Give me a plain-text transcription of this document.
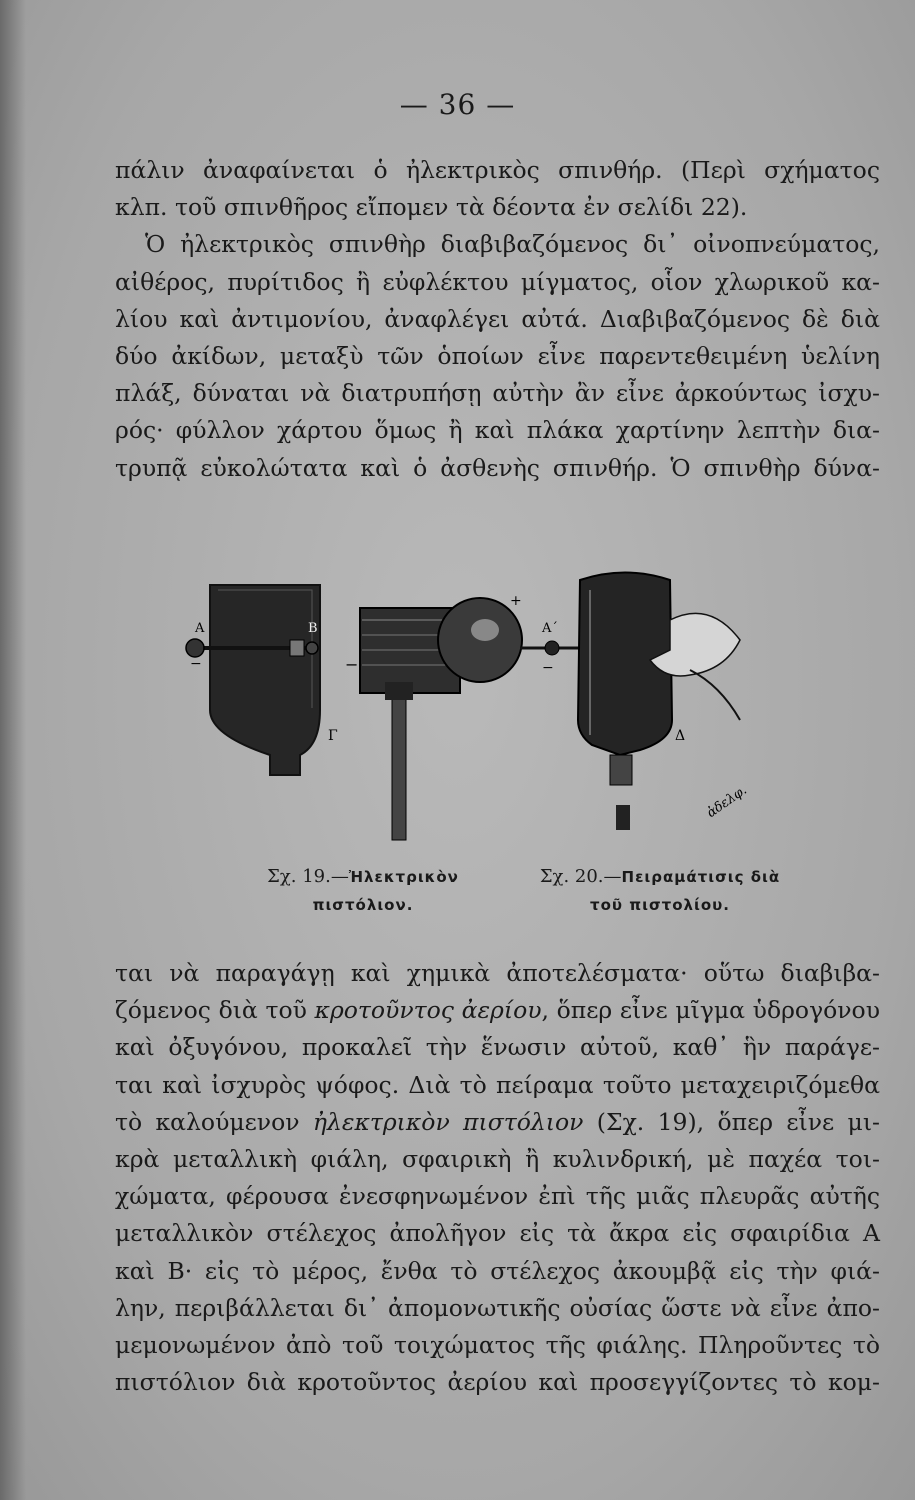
— 36 —
πάλιν ἀναφαίνεται ὁ ἠλεκτρικὸς σπινθήρ. (Περὶ σχήματος
κλπ. τοῦ σπινθῆρος εἴπομεν τὰ δέοντα ἐν σελίδι 22).
Ὁ ἠλεκτρικὸς σπινθὴρ διαβιβαζόμενος δι᾽ οἰνοπνεύματος,
αἰθέρος, πυρίτιδος ἢ εὐφλέκτου μίγματος, οἷον χλωρικοῦ κα-
λίου καὶ ἀντιμονίου, ἀναφλέγει αὐτά. Διαβιβαζόμενος δὲ διὰ
δύο ἀκίδων, μεταξὺ τῶν ὁποίων εἶνε παρεντεθειμένη ὑελίνη
πλάξ, δύναται νὰ διατρυπήσῃ αὐτὴν ἂν εἶνε ἀρκούντως ἰσχυ-
ρός· φύλλον χάρτου ὅμως ἢ καὶ πλάκα χαρτίνην λεπτὴν δια-
τρυπᾷ εὐκολώτατα καὶ ὁ ἀσθενὴς σπινθήρ. Ὁ σπινθὴρ δύνα-
A	B
Γ
−	−
+
Α΄
−
Δ
ἀδελφ.
Σχ. 19.—Ἠλεκτρικὸν
πιστόλιον.
Σχ. 20.—Πειραμάτισις διὰ
τοῦ πιστολίου.
ται νὰ παραγάγῃ καὶ χημικὰ ἀποτελέσματα· οὕτω διαβιβα-
ζόμενος διὰ τοῦ κροτοῦντος ἀερίου, ὅπερ εἶνε μῖγμα ὑδρογόνου
καὶ ὀξυγόνου, προκαλεῖ τὴν ἕνωσιν αὐτοῦ, καθ᾽ ἣν παράγε-
ται καὶ ἰσχυρὸς ψόφος. Διὰ τὸ πείραμα τοῦτο μεταχειριζόμεθα
τὸ καλούμενον ἠλεκτρικὸν πιστόλιον (Σχ. 19), ὅπερ εἶνε μι-
κρὰ μεταλλικὴ φιάλη, σφαιρικὴ ἢ κυλινδρική, μὲ παχέα τοι-
χώματα, φέρουσα ἐνεσφηνωμένον ἐπὶ τῆς μιᾶς πλευρᾶς αὐτῆς
μεταλλικὸν στέλεχος ἀπολῆγον εἰς τὰ ἄκρα εἰς σφαιρίδια Α
καὶ Β· εἰς τὸ μέρος, ἔνθα τὸ στέλεχος ἀκουμβᾷ εἰς τὴν φιά-
λην, περιβάλλεται δι᾽ ἀπομονωτικῆς οὐσίας ὥστε νὰ εἶνε ἀπο-
μεμονωμένον ἀπὸ τοῦ τοιχώματος τῆς φιάλης. Πληροῦντες τὸ
πιστόλιον διὰ κροτοῦντος ἀερίου καὶ προσεγγίζοντες τὸ κομ-
